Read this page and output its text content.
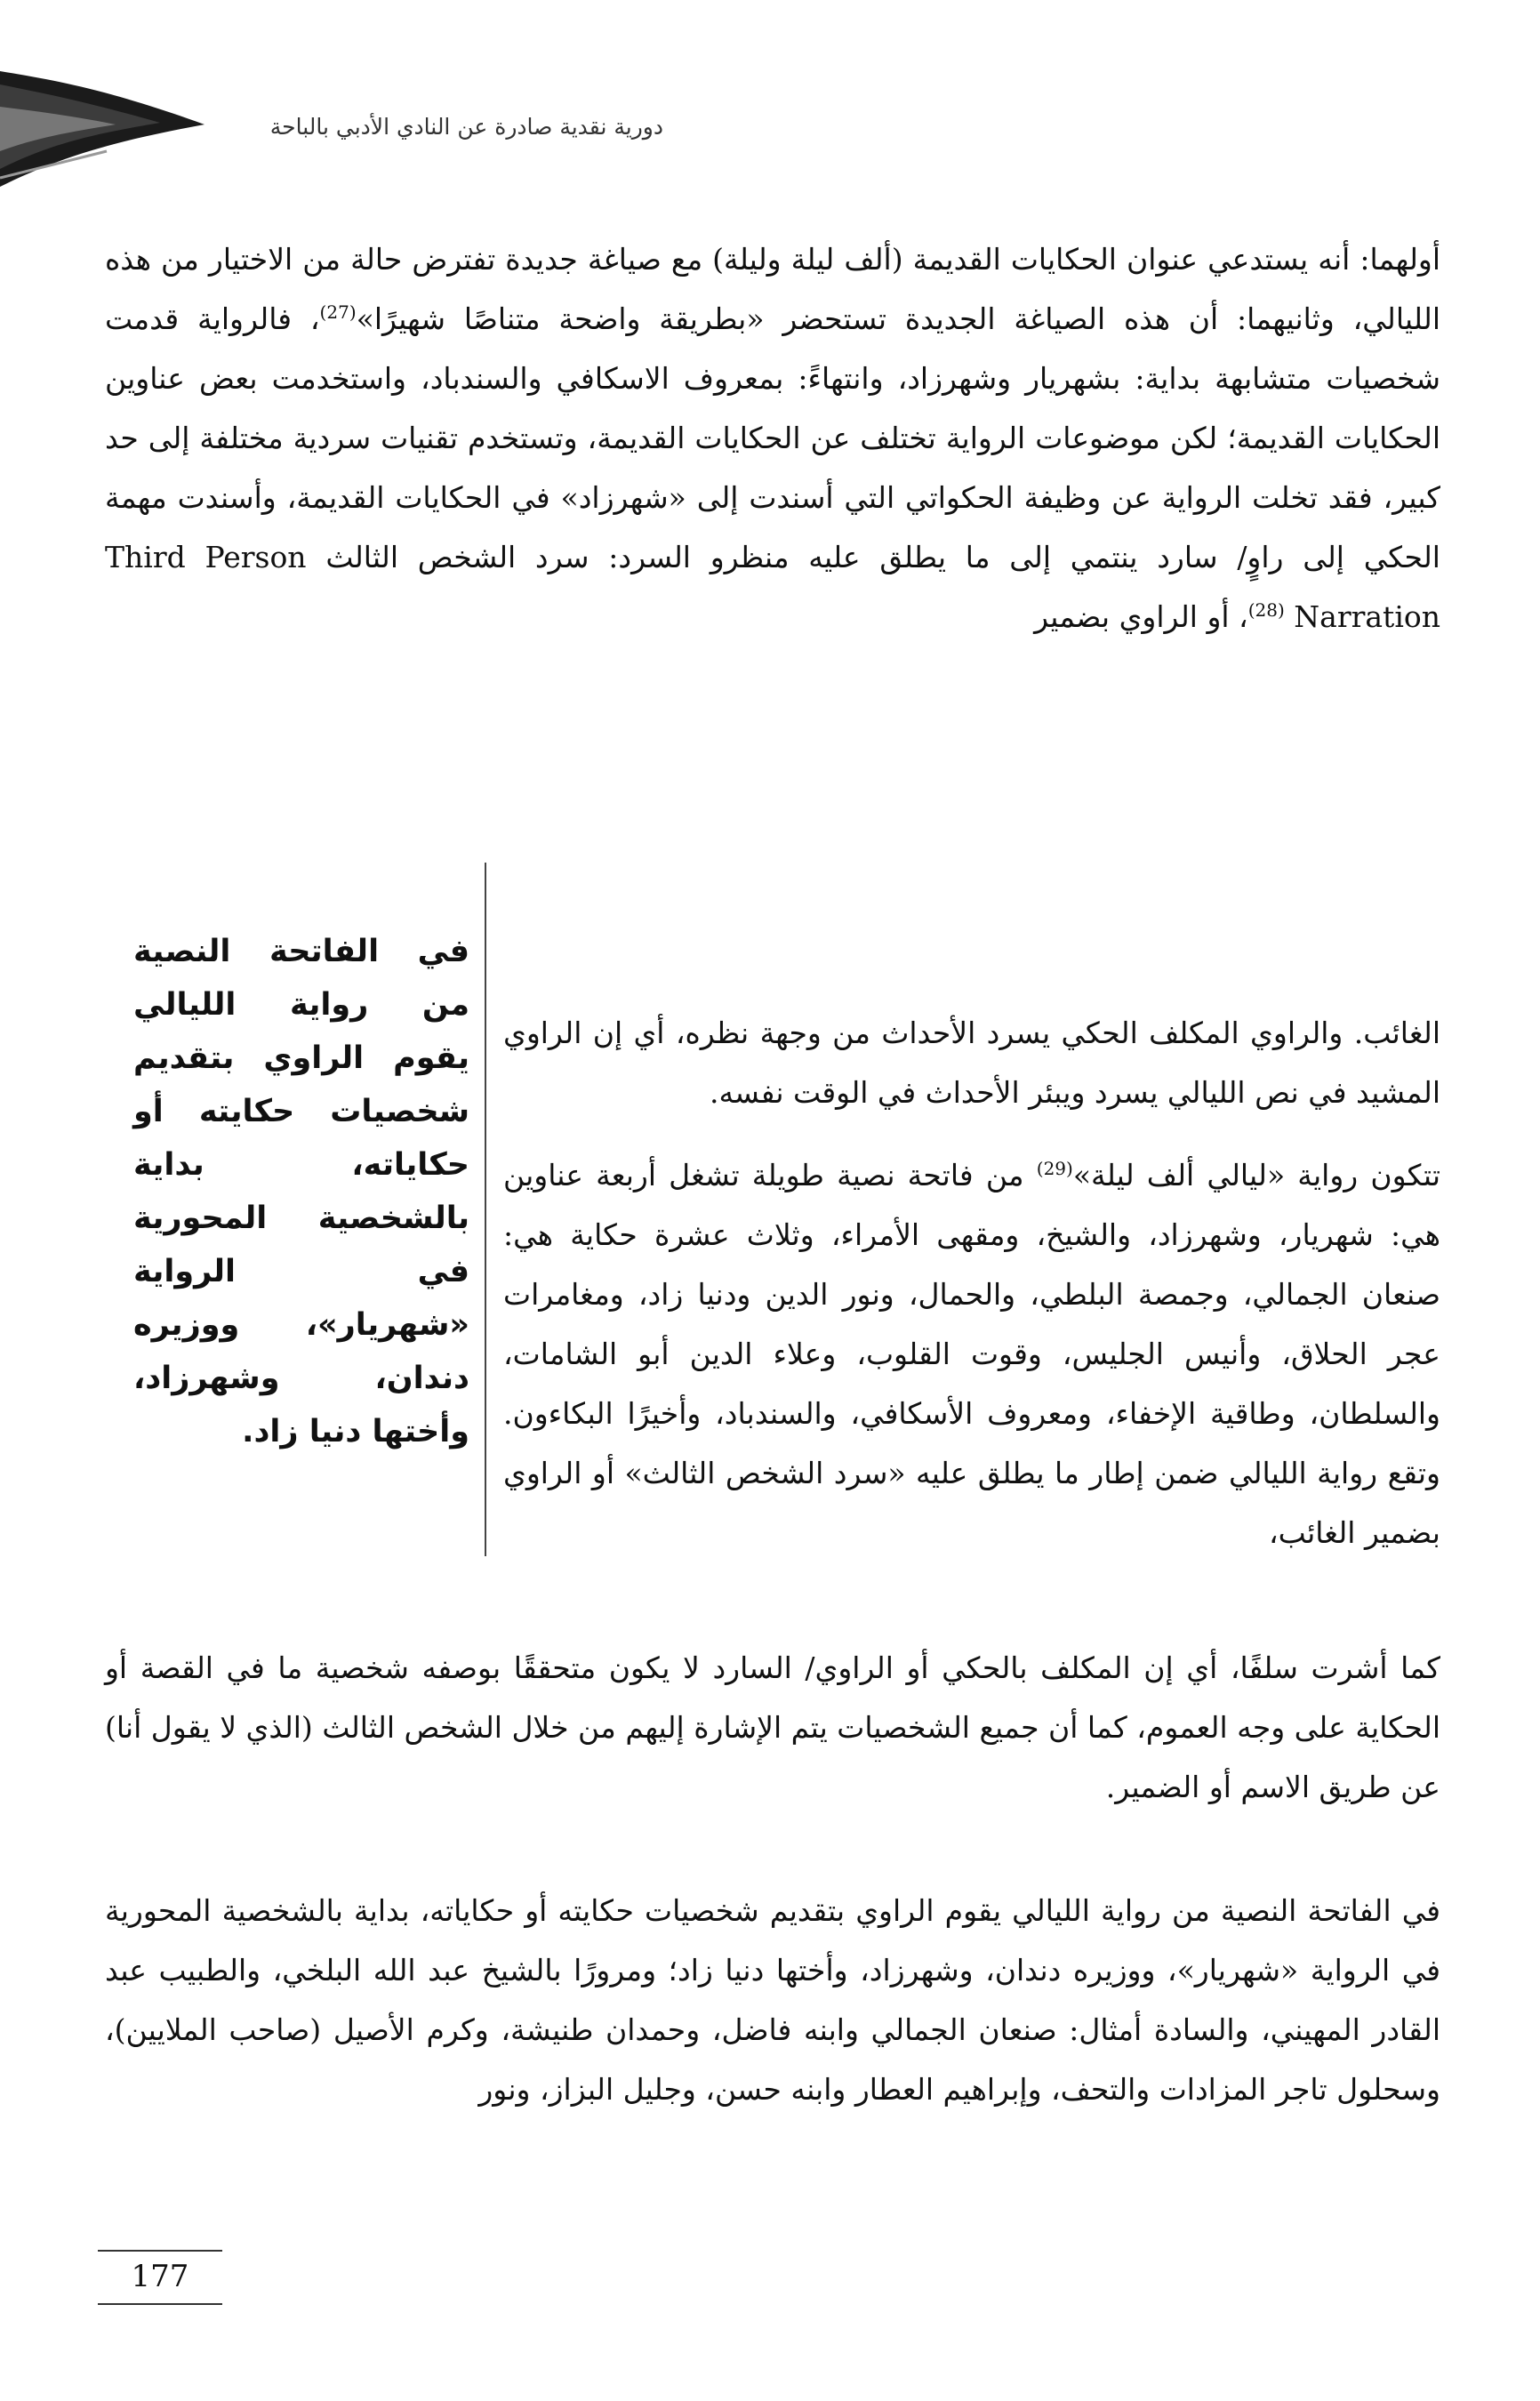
دورية نقدية صادرة عن النادي الأدبي بالباحة

أولهما: أنه يستدعي عنوان الحكايات القديمة (ألف ليلة وليلة) مع صياغة جديدة تفترض حالة من الاختيار من هذه الليالي، وثانيهما: أن هذه الصياغة الجديدة تستحضر «بطريقة واضحة متناصًا شهيرًا»$^{(27)}$، فالرواية قدمت شخصيات متشابهة بداية: بشهريار وشهرزاد، وانتهاءً: بمعروف الاسكافي والسندباد، واستخدمت بعض عناوين الحكايات القديمة؛ لكن موضوعات الرواية تختلف عن الحكايات القديمة، وتستخدم تقنيات سردية مختلفة إلى حد كبير، فقد تخلت الرواية عن وظيفة الحكواتي التي أسندت إلى «شهرزاد» في الحكايات القديمة، وأسندت مهمة الحكي إلى راوٍ/ سارد ينتمي إلى ما يطلق عليه منظرو السرد: سرد الشخص الثالث Third Person Narration $^{(28)}$، أو الراوي بضمير

الغائب. والراوي المكلف الحكي يسرد الأحداث من وجهة نظره، أي إن الراوي المشيد في نص الليالي يسرد ويبئر الأحداث في الوقت نفسه.

تتكون رواية «ليالي ألف ليلة»$^{(29)}$ من فاتحة نصية طويلة تشغل أربعة عناوين هي: شهريار، وشهرزاد، والشيخ، ومقهى الأمراء، وثلاث عشرة حكاية هي: صنعان الجمالي، وجمصة البلطي، والحمال، ونور الدين ودنيا زاد، ومغامرات عجر الحلاق، وأنيس الجليس، وقوت القلوب، وعلاء الدين أبو الشامات، والسلطان، وطاقية الإخفاء، ومعروف الأسكافي، والسندباد، وأخيرًا البكاءون. وتقع رواية الليالي ضمن إطار ما يطلق عليه «سرد الشخص الثالث» أو الراوي بضمير الغائب،

في الفاتحة النصية من رواية الليالي يقوم الراوي بتقديم شخصيات حكايته أو حكاياته، بداية بالشخصية المحورية في الرواية «شهريار»، ووزيره دندان، وشهرزاد، وأختها دنيا زاد.

كما أشرت سلفًا، أي إن المكلف بالحكي أو الراوي/ السارد لا يكون متحققًا بوصفه شخصية ما في القصة أو الحكاية على وجه العموم، كما أن جميع الشخصيات يتم الإشارة إليهم من خلال الشخص الثالث (الذي لا يقول أنا) عن طريق الاسم أو الضمير.

في الفاتحة النصية من رواية الليالي يقوم الراوي بتقديم شخصيات حكايته أو حكاياته، بداية بالشخصية المحورية في الرواية «شهريار»، ووزيره دندان، وشهرزاد، وأختها دنيا زاد؛ ومرورًا بالشيخ عبد الله البلخي، والطبيب عبد القادر المهيني، والسادة أمثال: صنعان الجمالي وابنه فاضل، وحمدان طنيشة، وكرم الأصيل (صاحب الملايين)، وسحلول تاجر المزادات والتحف، وإبراهيم العطار وابنه حسن، وجليل البزاز، ونور

177
